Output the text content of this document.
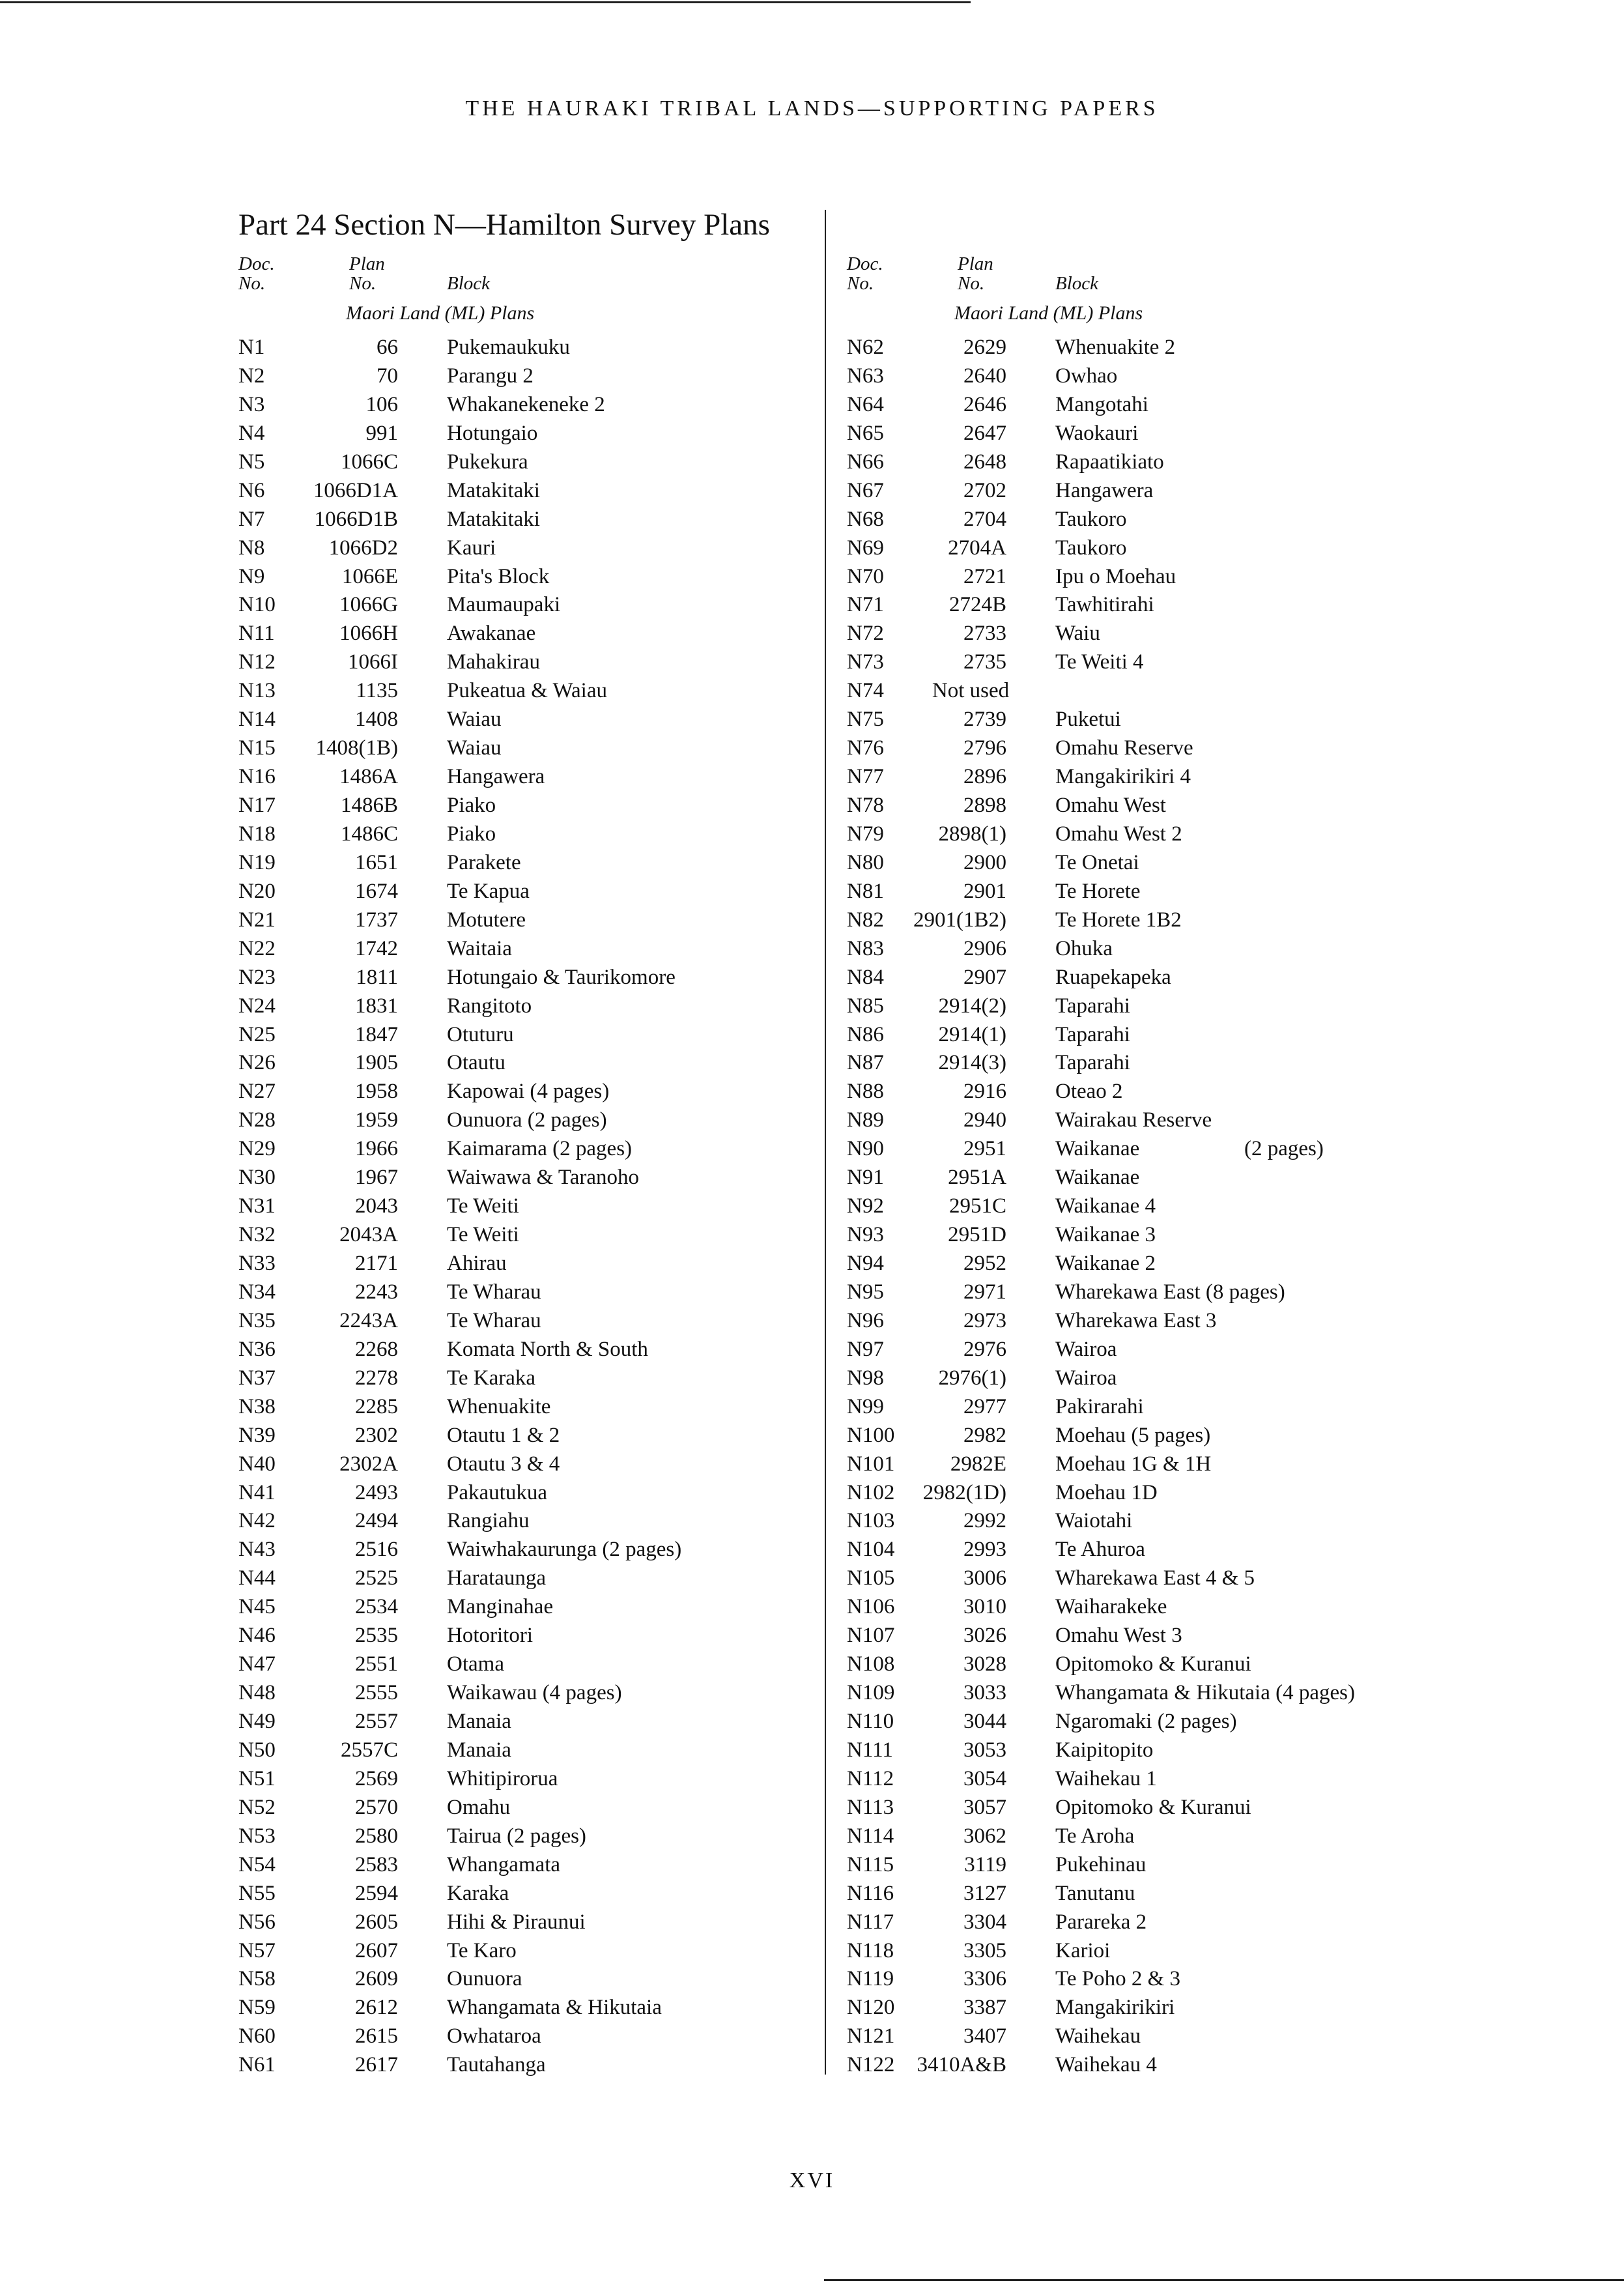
THE HAURAKI TRIBAL LANDS—SUPPORTING PAPERS
Part 24 Section N—Hamilton Survey Plans
Doc.
No.
Plan
No.	Block
Maori Land (ML) Plans
N1	66 Pukemaukuku
N2	70 Parangu 2
N3	106 Whakanekeneke 2
N4	991 Hotungaio
N5	1066C Pukekura
N6	1066D1A Matakitaki
N7	1066D1B Matakitaki
N8	1066D2 Kauri
N9	1066E Pita's Block
N10	1066G Maumaupaki
N11	1066H Awakanae
N12	1066I Mahakirau
N13	1135 Pukeatua & Waiau
N14	1408 Waiau
N15	1408(1B) Waiau
N16	1486A Hangawera
N17	1486B Piako
N18	1486C Piako
N19	1651 Parakete
N20	1674 Te Kapua
N21	1737 Motutere
N22	1742 Waitaia
N23	1811 Hotungaio & Taurikomore
N24	1831 Rangitoto
N25	1847 Otuturu
N26	1905 Otautu
N27	1958 Kapowai (4 pages)
N28	1959 Ounuora (2 pages)
N29	1966 Kaimarama (2 pages)
N30	1967 Waiwawa & Taranoho
N31	2043 Te Weiti
N32	2043A Te Weiti
N33	2171 Ahirau
N34	2243 Te Wharau
N35	2243A Te Wharau
N36	2268 Komata North & South
N37	2278 Te Karaka
N38	2285 Whenuakite
N39	2302 Otautu 1 & 2
N40	2302A Otautu 3 & 4
N41	2493 Pakautukua
N42	2494 Rangiahu
N43	2516 Waiwhakaurunga (2 pages)
N44	2525 Harataunga
N45	2534 Manginahae
N46	2535 Hotoritori
N47	2551 Otama
N48	2555 Waikawau (4 pages)
N49	2557 Manaia
N50	2557C Manaia
N51	2569 Whitipirorua
N52	2570 Omahu
N53	2580 Tairua (2 pages)
N54	2583 Whangamata
N55	2594 Karaka
N56	2605 Hihi & Piraunui
N57	2607 Te Karo
N58	2609 Ounuora
N59	2612 Whangamata & Hikutaia
N60	2615 Owhataroa
N61	2617 Tautahanga
Doc.
No.
Plan
No.	Block
Maori Land (ML) Plans
N62	2629 Whenuakite 2
N63	2640 Owhao
N64	2646 Mangotahi
N65	2647 Waokauri
N66	2648 Rapaatikiato
N67	2702 Hangawera
N68	2704 Taukoro
N69	2704A Taukoro
N70	2721 Ipu o Moehau
N71	2724B Tawhitirahi
N72	2733 Waiu
N73	2735 Te Weiti 4
N74	Not used
N75	2739 Puketui
N76	2796 Omahu Reserve
N77	2896 Mangakirikiri 4
N78	2898 Omahu West
N79	2898(1) Omahu West 2
N80	2900 Te Onetai
N81	2901 Te Horete
N82	2901(1B2) Te Horete 1B2
N83	2906 Ohuka
N84	2907 Ruapekapeka
N85	2914(2) Taparahi
N86	2914(1) Taparahi
N87	2914(3) Taparahi
N88	2916 Oteao 2
N89	2940 Wairakau Reserve
N90	2951 Waikanae	(2 pages)
N91	2951A Waikanae
N92	2951C Waikanae 4
N93	2951D Waikanae 3
N94	2952 Waikanae 2
N95	2971 Wharekawa East (8 pages)
N96	2973 Wharekawa East 3
N97	2976 Wairoa
N98	2976(1) Wairoa
N99	2977 Pakirarahi
N100	2982 Moehau (5 pages)
N101	2982E Moehau 1G & 1H
N102	2982(1D) Moehau 1D
N103	2992 Waiotahi
N104	2993 Te Ahuroa
N105	3006 Wharekawa East 4 & 5
N106	3010 Waiharakeke
N107	3026 Omahu West 3
N108	3028 Opitomoko & Kuranui
N109	3033 Whangamata & Hikutaia (4 pages)
N110	3044 Ngaromaki (2 pages)
N111	3053 Kaipitopito
N112	3054 Waihekau 1
N113	3057 Opitomoko & Kuranui
N114	3062 Te Aroha
N115	3119 Pukehinau
N116	3127 Tanutanu
N117	3304 Parareka 2
N118	3305 Karioi
N119	3306 Te Poho 2 & 3
N120	3387 Mangakirikiri
N121	3407 Waihekau
N122	3410A&B Waihekau 4
XVI
